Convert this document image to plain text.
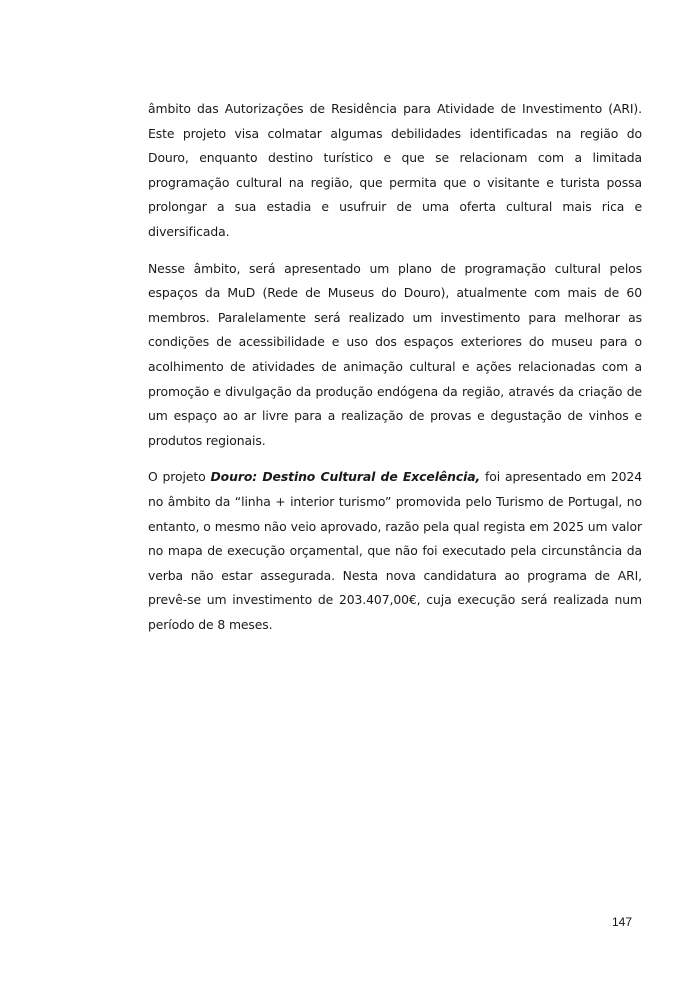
âmbito das Autorizações de Residência para Atividade de Investimento (ARI). Este projeto visa colmatar algumas debilidades identificadas na região do Douro, enquanto destino turístico e que se relacionam com a limitada programação cultural na região, que permita que o visitante e turista possa prolongar a sua estadia e usufruir de uma oferta cultural mais rica e diversificada.

Nesse âmbito, será apresentado um plano de programação cultural pelos espaços da MuD (Rede de Museus do Douro), atualmente com mais de 60 membros. Paralelamente será realizado um investimento para melhorar as condições de acessibilidade e uso dos espaços exteriores do museu para o acolhimento de atividades de animação cultural e ações relacionadas com a promoção e divulgação da produção endógena da região, através da criação de um espaço ao ar livre para a realização de provas e degustação de vinhos e produtos regionais.

O projeto Douro: Destino Cultural de Excelência, foi apresentado em 2024 no âmbito da “linha + interior turismo” promovida pelo Turismo de Portugal, no entanto, o mesmo não veio aprovado, razão pela qual regista em 2025 um valor no mapa de execução orçamental, que não foi executado pela circunstância da verba não estar assegurada. Nesta nova candidatura ao programa de ARI, prevê-se um investimento de 203.407,00€, cuja execução será realizada num período de 8 meses.

147
